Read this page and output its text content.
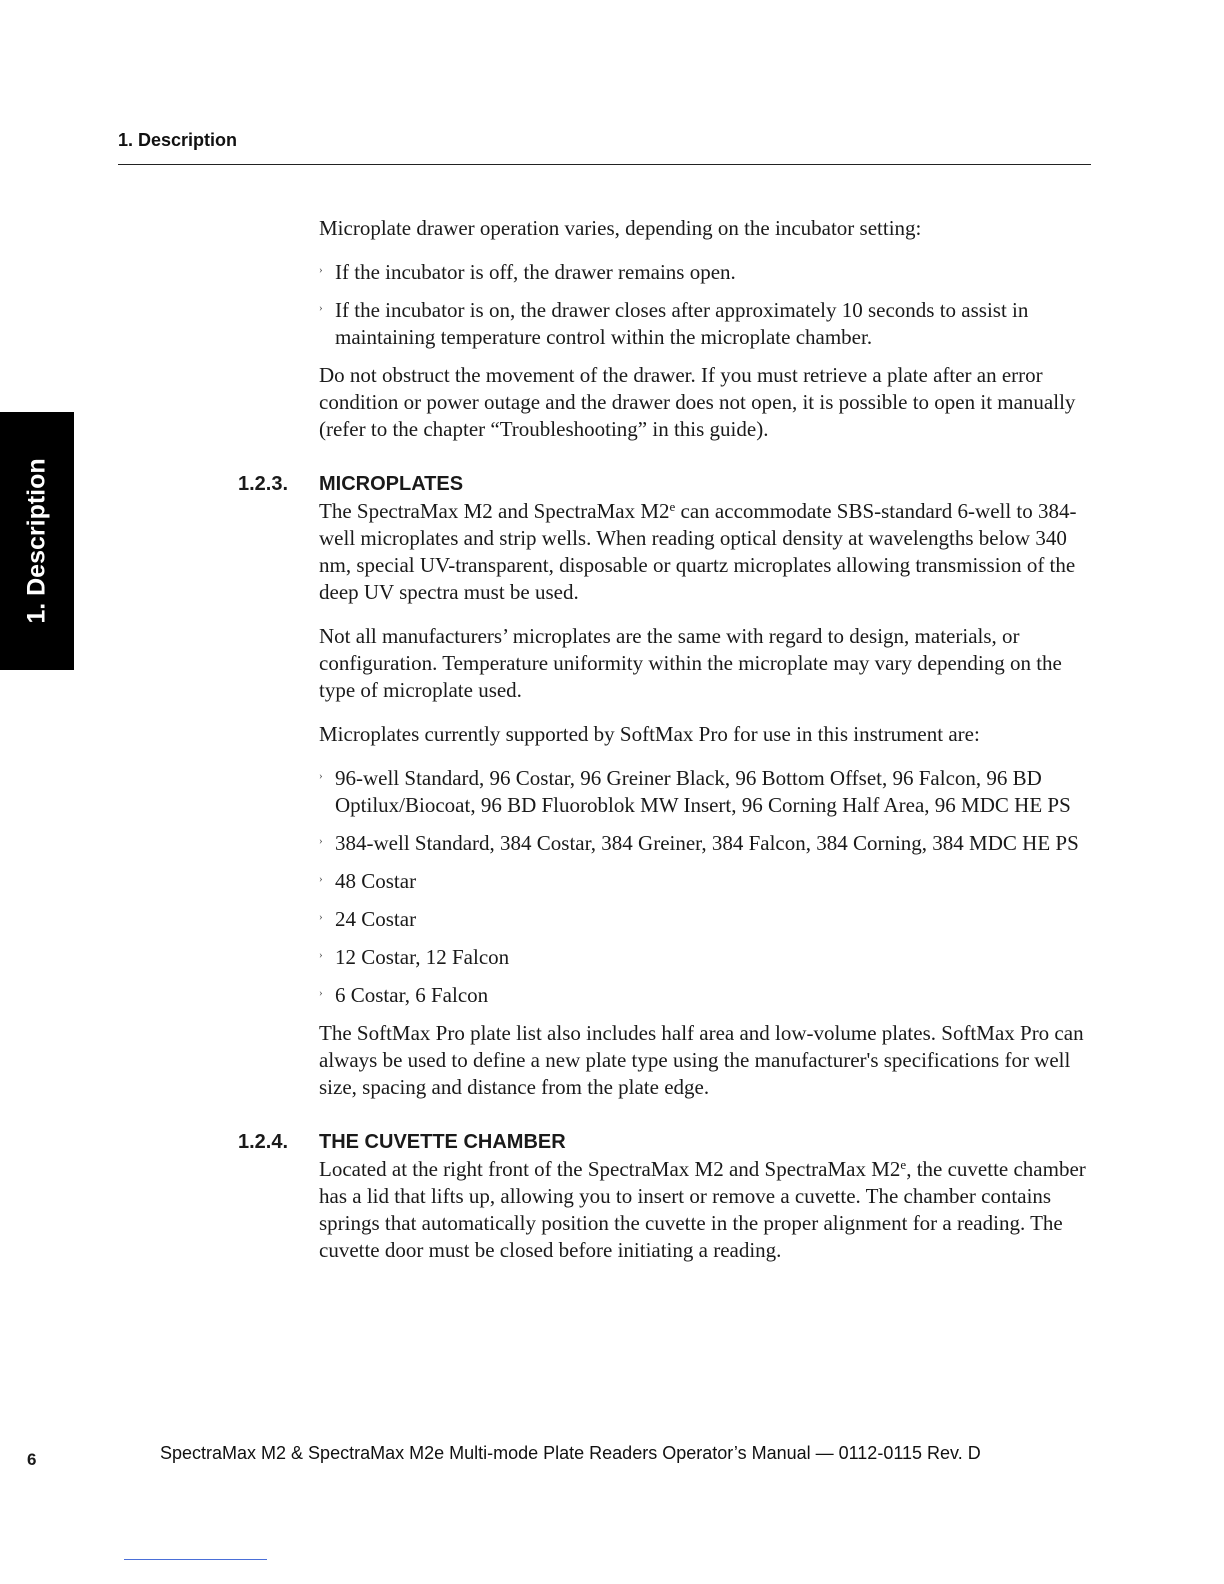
1. Description
1. Description

Microplate drawer operation varies, depending on the incubator setting:

› If the incubator is off, the drawer remains open.
› If the incubator is on, the drawer closes after approximately 10 seconds to assist in maintaining temperature control within the microplate chamber.

Do not obstruct the movement of the drawer. If you must retrieve a plate after an error condition or power outage and the drawer does not open, it is possible to open it manually (refer to the chapter “Troubleshooting” in this guide).

1.2.3. MICROPLATES

The SpectraMax M2 and SpectraMax M2e can accommodate SBS-standard 6-well to 384-well microplates and strip wells. When reading optical density at wavelengths below 340 nm, special UV-transparent, disposable or quartz microplates allowing transmission of the deep UV spectra must be used.

Not all manufacturers’ microplates are the same with regard to design, materials, or configuration. Temperature uniformity within the microplate may vary depending on the type of microplate used.

Microplates currently supported by SoftMax Pro for use in this instrument are:

› 96-well Standard, 96 Costar, 96 Greiner Black, 96 Bottom Offset, 96 Falcon, 96 BD Optilux/Biocoat, 96 BD Fluoroblok MW Insert, 96 Corning Half Area, 96 MDC HE PS
› 384-well Standard, 384 Costar, 384 Greiner, 384 Falcon, 384 Corning, 384 MDC HE PS
› 48 Costar
› 24 Costar
› 12 Costar, 12 Falcon
› 6 Costar, 6 Falcon

The SoftMax Pro plate list also includes half area and low-volume plates. SoftMax Pro can always be used to define a new plate type using the manufacturer's specifications for well size, spacing and distance from the plate edge.

1.2.4. THE CUVETTE CHAMBER

Located at the right front of the SpectraMax M2 and SpectraMax M2e, the cuvette chamber has a lid that lifts up, allowing you to insert or remove a cuvette. The chamber contains springs that automatically position the cuvette in the proper alignment for a reading. The cuvette door must be closed before initiating a reading.

6	SpectraMax M2 & SpectraMax M2e Multi-mode Plate Readers Operator’s Manual — 0112-0115 Rev. D
